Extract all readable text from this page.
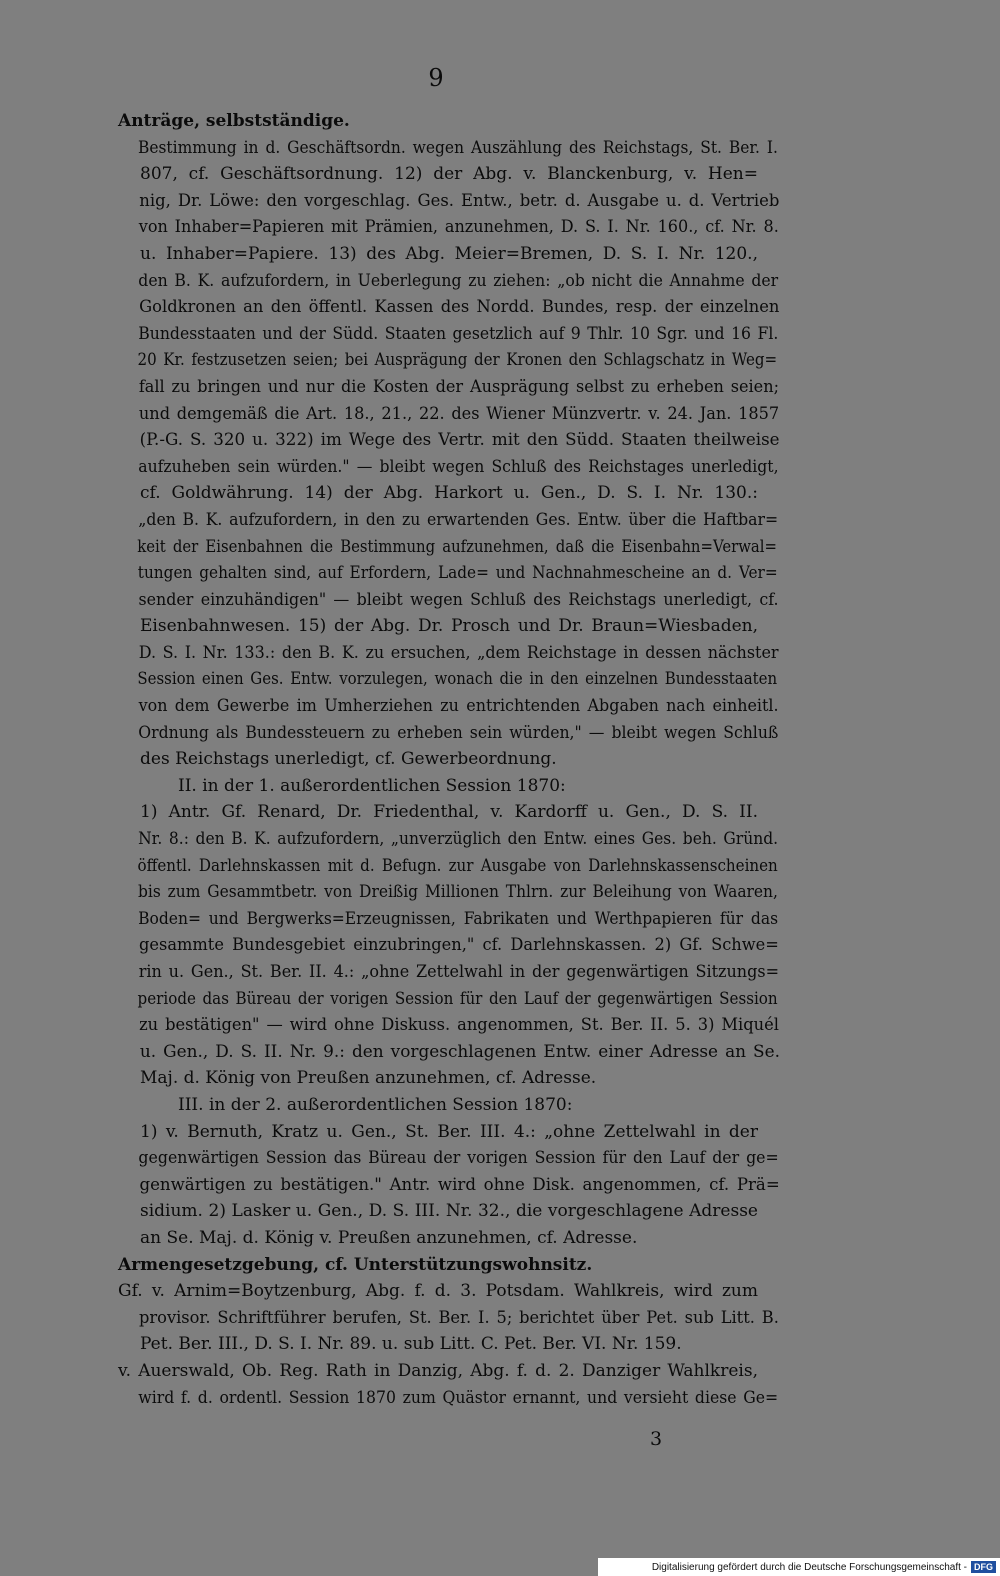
9
Anträge, selbstständige.
Bestimmung in d. Geschäftsordn. wegen Auszählung des Reichstags, St. Ber. I.
807, cf. Geschäftsordnung. 12) der Abg. v. Blanckenburg, v. Hen=
nig, Dr. Löwe: den vorgeschlag. Ges. Entw., betr. d. Ausgabe u. d. Vertrieb
von Inhaber=Papieren mit Prämien, anzunehmen, D. S. I. Nr. 160., cf. Nr. 8.
u. Inhaber=Papiere. 13) des Abg. Meier=Bremen, D. S. I. Nr. 120.,
den B. K. aufzufordern, in Ueberlegung zu ziehen: „ob nicht die Annahme der
Goldkronen an den öffentl. Kassen des Nordd. Bundes, resp. der einzelnen
Bundesstaaten und der Südd. Staaten gesetzlich auf 9 Thlr. 10 Sgr. und 16 Fl.
20 Kr. festzusetzen seien; bei Ausprägung der Kronen den Schlagschatz in Weg=
fall zu bringen und nur die Kosten der Ausprägung selbst zu erheben seien;
und demgemäß die Art. 18., 21., 22. des Wiener Münzvertr. v. 24. Jan. 1857
(P.-G. S. 320 u. 322) im Wege des Vertr. mit den Südd. Staaten theilweise
aufzuheben sein würden." — bleibt wegen Schluß des Reichstages unerledigt,
cf. Goldwährung. 14) der Abg. Harkort u. Gen., D. S. I. Nr. 130.:
„den B. K. aufzufordern, in den zu erwartenden Ges. Entw. über die Haftbar=
keit der Eisenbahnen die Bestimmung aufzunehmen, daß die Eisenbahn=Verwal=
tungen gehalten sind, auf Erfordern, Lade= und Nachnahmescheine an d. Ver=
sender einzuhändigen" — bleibt wegen Schluß des Reichstags unerledigt, cf.
Eisenbahnwesen. 15) der Abg. Dr. Prosch und Dr. Braun=Wiesbaden,
D. S. I. Nr. 133.: den B. K. zu ersuchen, „dem Reichstage in dessen nächster
Session einen Ges. Entw. vorzulegen, wonach die in den einzelnen Bundesstaaten
von dem Gewerbe im Umherziehen zu entrichtenden Abgaben nach einheitl.
Ordnung als Bundessteuern zu erheben sein würden," — bleibt wegen Schluß
des Reichstags unerledigt, cf. Gewerbeordnung.
II. in der 1. außerordentlichen Session 1870:
1) Antr. Gf. Renard, Dr. Friedenthal, v. Kardorff u. Gen., D. S. II.
Nr. 8.: den B. K. aufzufordern, „unverzüglich den Entw. eines Ges. beh. Gründ.
öffentl. Darlehnskassen mit d. Befugn. zur Ausgabe von Darlehnskassenscheinen
bis zum Gesammtbetr. von Dreißig Millionen Thlrn. zur Beleihung von Waaren,
Boden= und Bergwerks=Erzeugnissen, Fabrikaten und Werthpapieren für das
gesammte Bundesgebiet einzubringen," cf. Darlehnskassen. 2) Gf. Schwe=
rin u. Gen., St. Ber. II. 4.: „ohne Zettelwahl in der gegenwärtigen Sitzungs=
periode das Büreau der vorigen Session für den Lauf der gegenwärtigen Session
zu bestätigen" — wird ohne Diskuss. angenommen, St. Ber. II. 5. 3) Miquél
u. Gen., D. S. II. Nr. 9.: den vorgeschlagenen Entw. einer Adresse an Se.
Maj. d. König von Preußen anzunehmen, cf. Adresse.
III. in der 2. außerordentlichen Session 1870:
1) v. Bernuth, Kratz u. Gen., St. Ber. III. 4.: „ohne Zettelwahl in der
gegenwärtigen Session das Büreau der vorigen Session für den Lauf der ge=
genwärtigen zu bestätigen." Antr. wird ohne Disk. angenommen, cf. Prä=
sidium. 2) Lasker u. Gen., D. S. III. Nr. 32., die vorgeschlagene Adresse
an Se. Maj. d. König v. Preußen anzunehmen, cf. Adresse.
Armengesetzgebung, cf. Unterstützungswohnsitz.
Gf. v. Arnim=Boytzenburg, Abg. f. d. 3. Potsdam. Wahlkreis, wird zum
provisor. Schriftführer berufen, St. Ber. I. 5; berichtet über Pet. sub Litt. B.
Pet. Ber. III., D. S. I. Nr. 89. u. sub Litt. C. Pet. Ber. VI. Nr. 159.
v. Auerswald, Ob. Reg. Rath in Danzig, Abg. f. d. 2. Danziger Wahlkreis,
wird f. d. ordentl. Session 1870 zum Quästor ernannt, und versieht diese Ge=
3
Digitalisierung gefördert durch die Deutsche Forschungsgemeinschaft - DFG
